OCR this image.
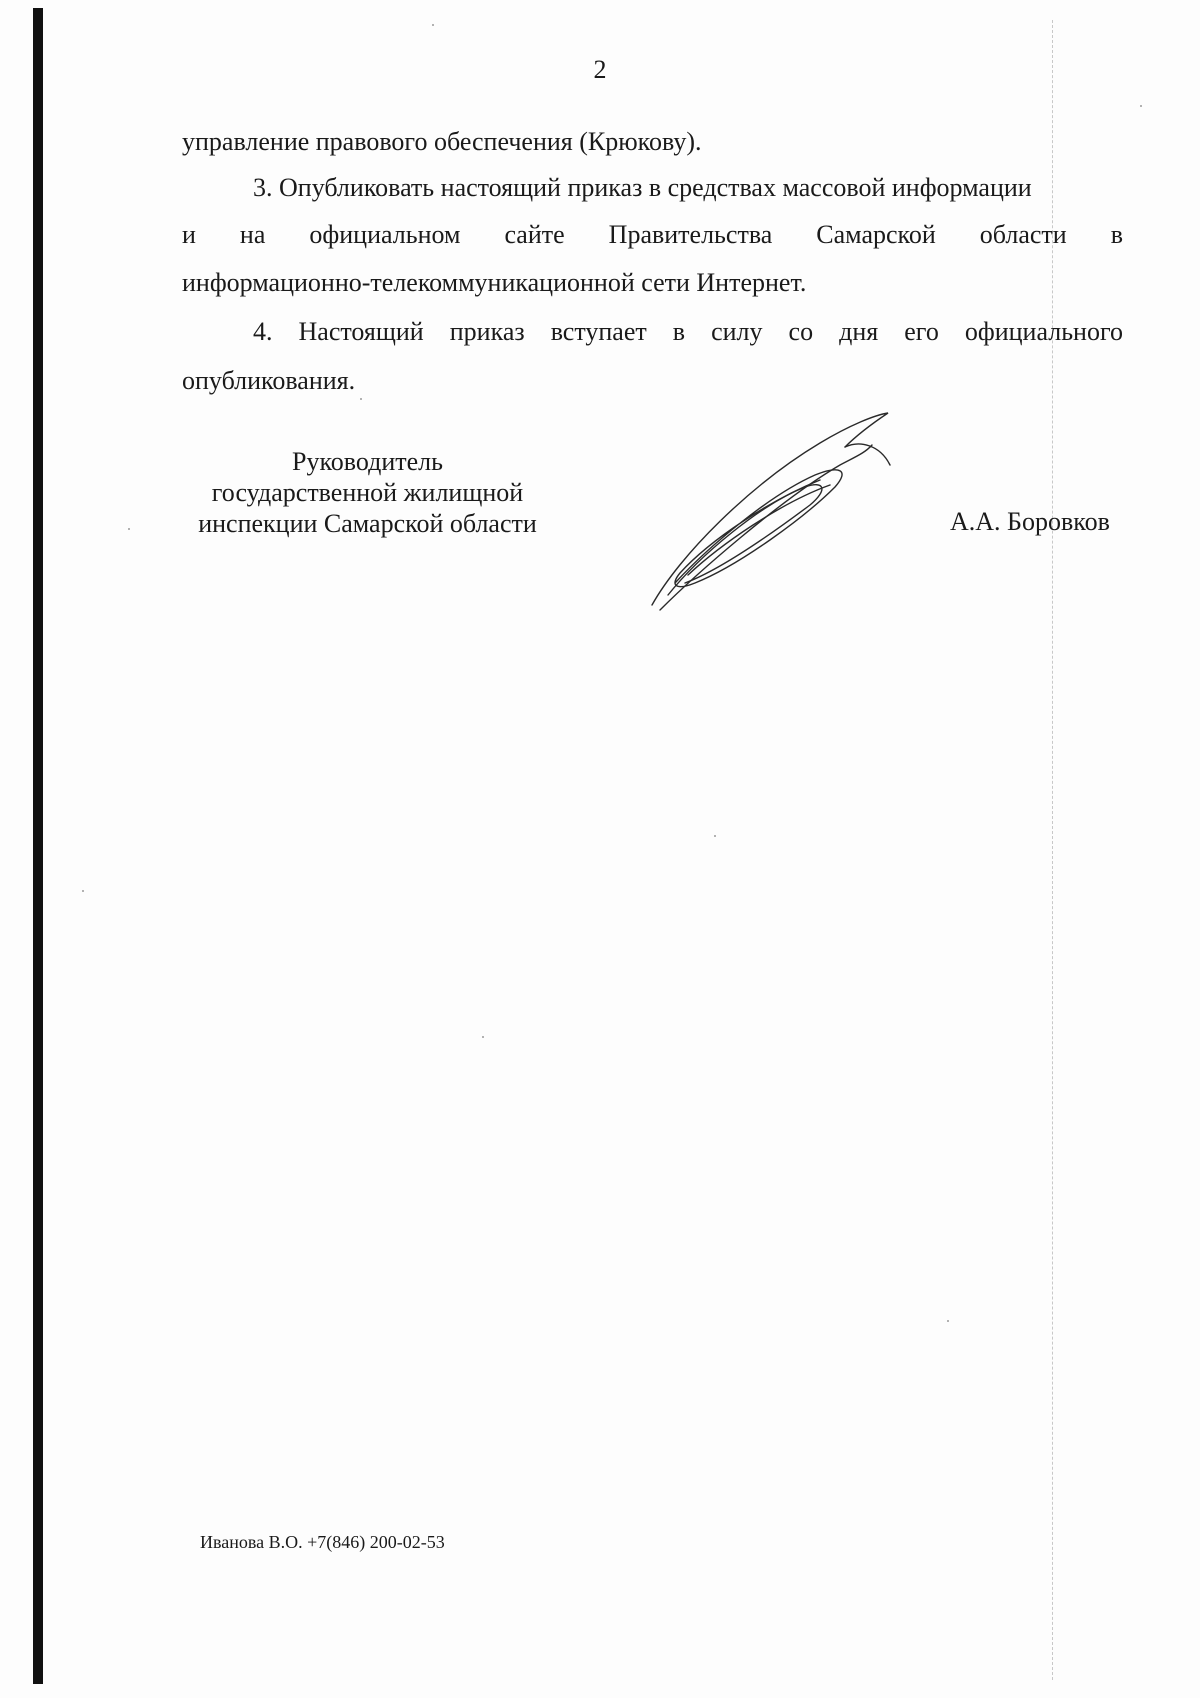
2
управление правового обеспечения (Крюкову).
3. Опубликовать настоящий приказ в средствах массовой информации
и на официальном сайте Правительства Самарской области в
информационно-телекоммуникационной сети Интернет.
4. Настоящий приказ вступает в силу со дня его официального
опубликования.
Руководитель
государственной жилищной
инспекции Самарской области	А.А. Боровков
Иванова В.О. +7(846) 200-02-53
